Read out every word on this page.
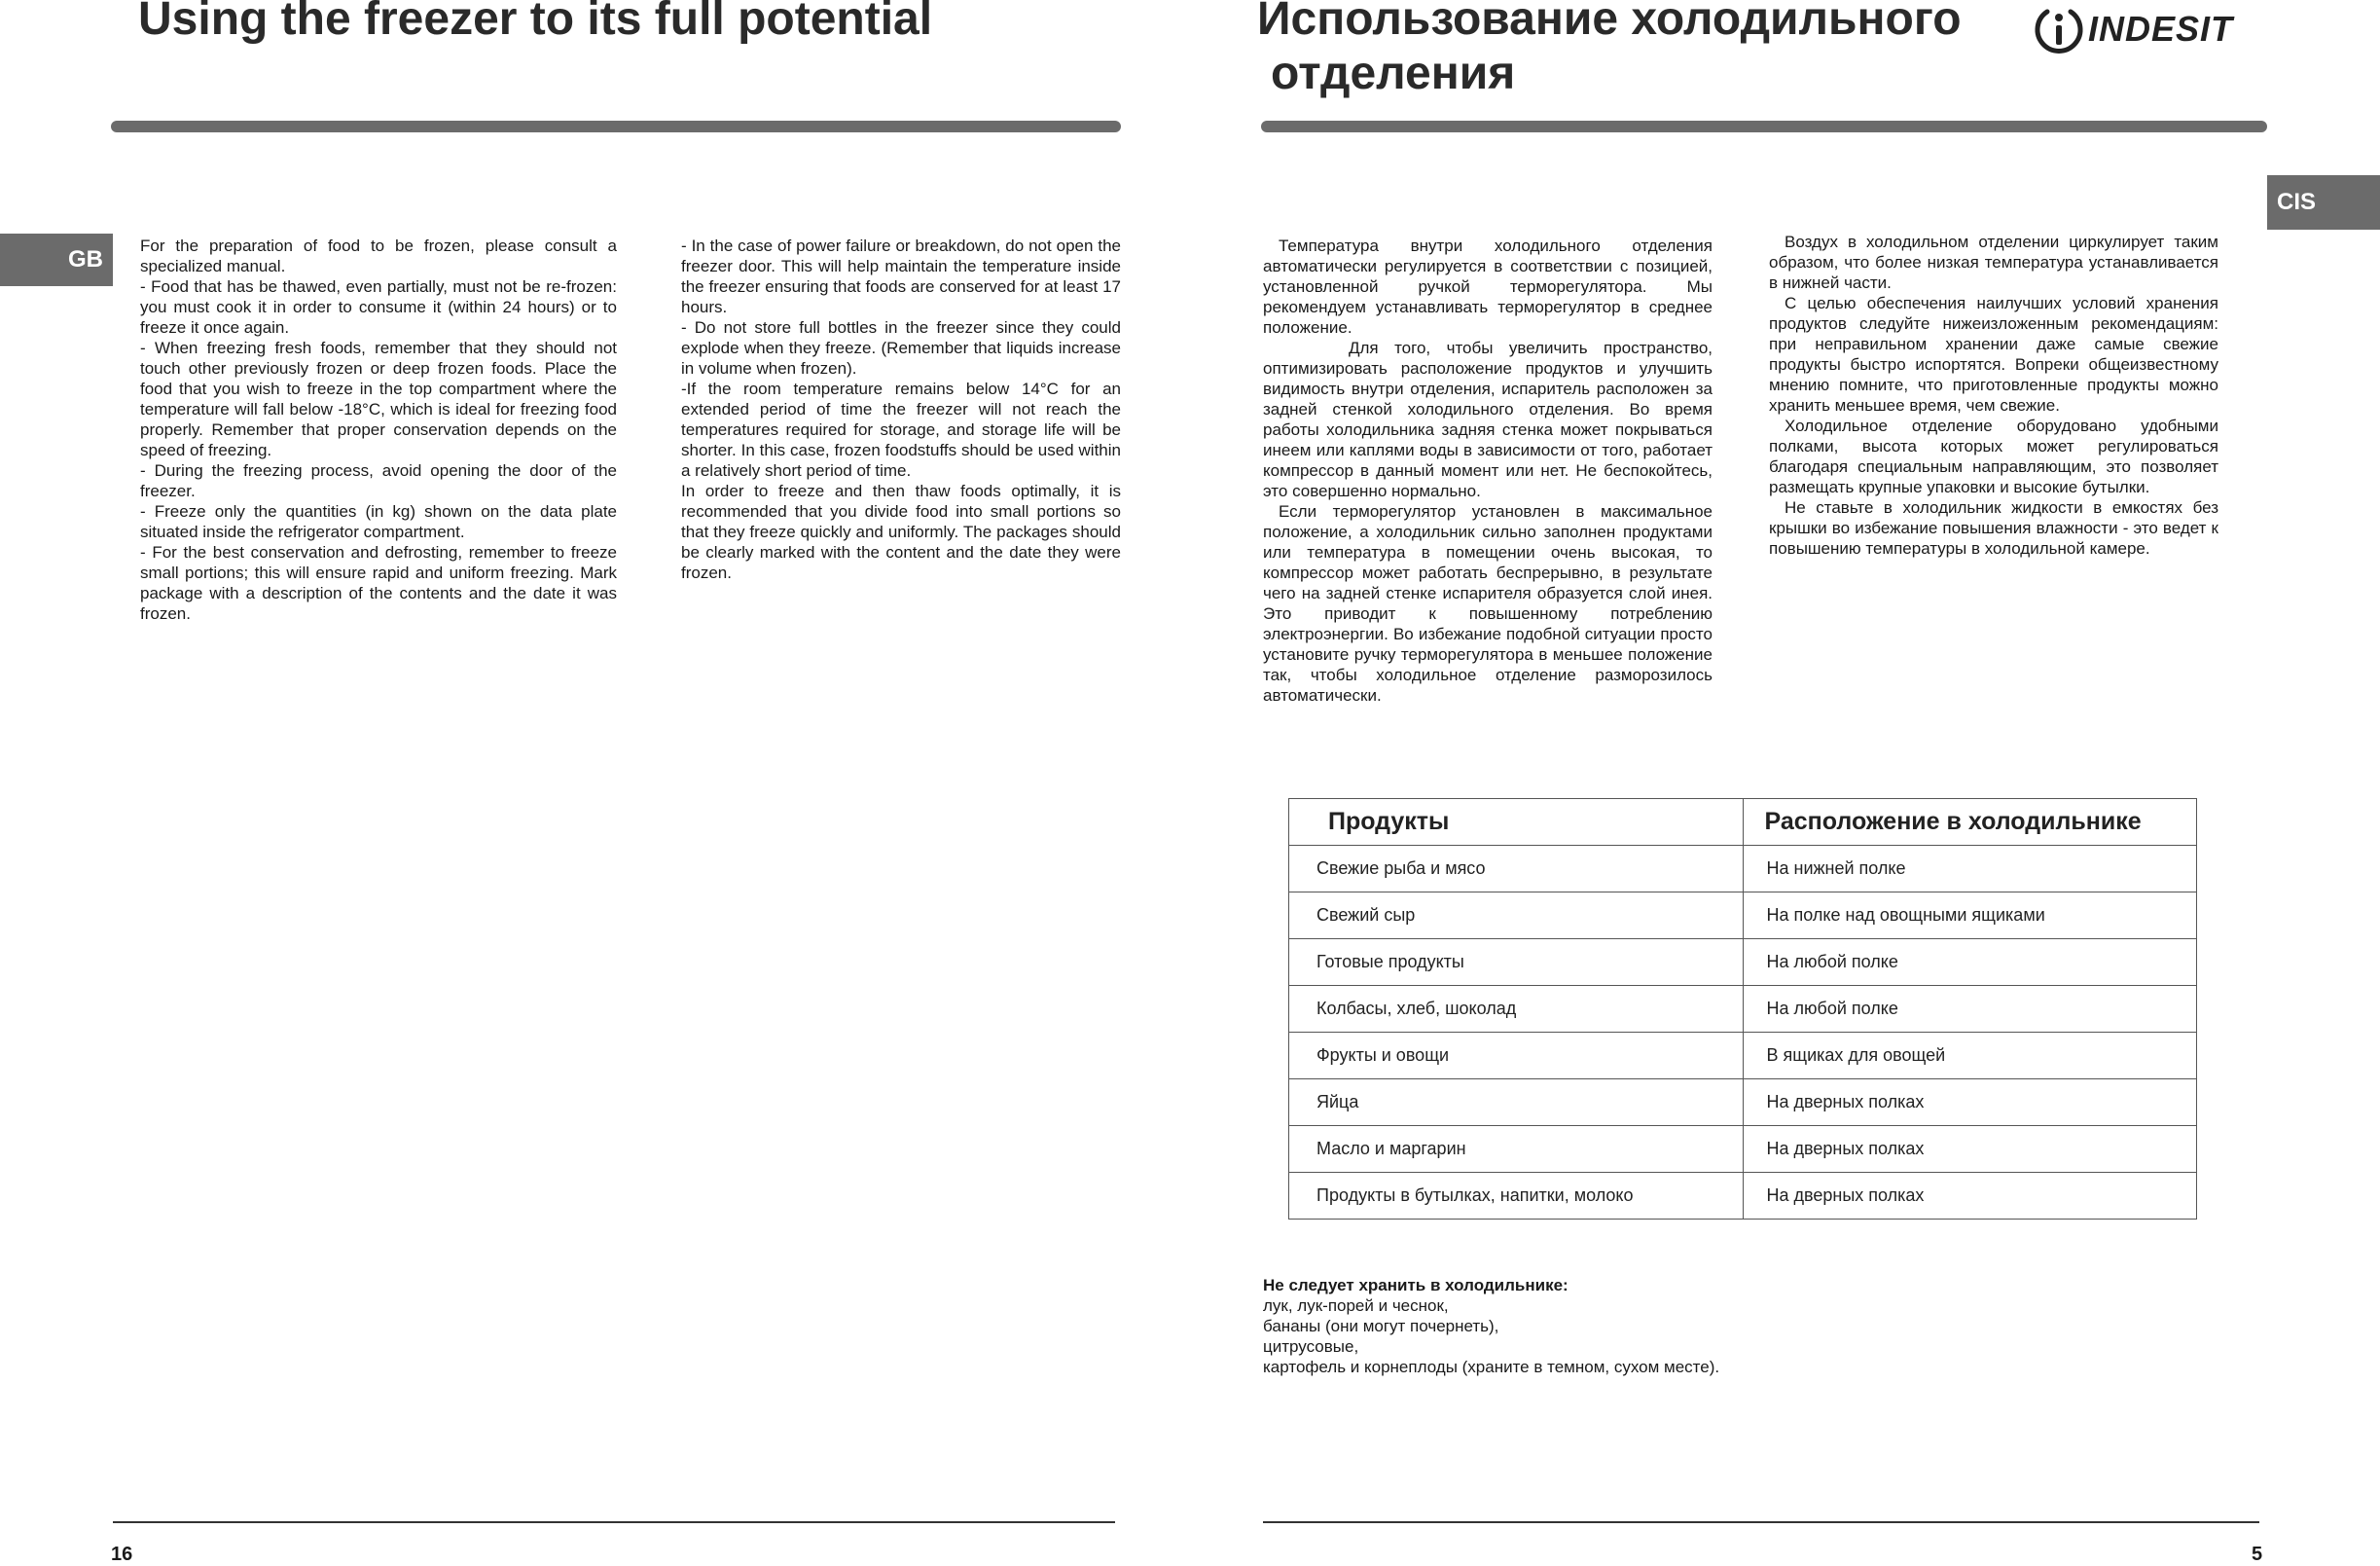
Using the freezer to its full potential
GB

For the preparation of food to be frozen, please consult a specialized manual.

- Food that has be thawed, even partially, must not be re-frozen: you must cook it in order to consume it (within 24 hours) or to freeze it once again.

- When freezing fresh foods, remember that they should not touch other previously frozen or deep frozen foods. Place the food that you wish to freeze in the top compartment where the temperature will fall below -18°C, which is ideal for freezing food properly. Remember that proper conservation depends on the speed of freezing.

- During the freezing process, avoid opening the door of the freezer.

- Freeze only the quantities (in kg) shown on the data plate situated inside the refrigerator compartment.

- For the best conservation and defrosting, remember to freeze small portions; this will ensure rapid and uniform freezing. Mark package with a description of the contents and the date it was frozen.

- In the case of power failure or breakdown, do not open the freezer door. This will help maintain the temperature inside the freezer ensuring that foods are conserved for at least 17 hours.

- Do not store full bottles in the freezer since they could explode when they freeze. (Remember that liquids increase in volume when frozen).

-If the room temperature remains below 14°C for an extended period of time the freezer will not reach the temperatures required for storage, and storage life will be shorter. In this case, frozen foodstuffs should be used within a relatively short period of time.

In order to freeze and then thaw foods optimally, it is recommended that you divide food into small portions so that they freeze quickly and uniformly. The packages should be clearly marked with the content and the date they were frozen.

16
Использование холодильного
отделения
INDESIT
CIS

Температура внутри холодильного отделения автоматически регулируется в соответствии с позицией, установленной ручкой терморегулятора. Мы рекомендуем устанавливать терморегулятор в среднее положение.

Для того, чтобы увеличить пространство, оптимизировать расположение продуктов и улучшить видимость внутри отделения, испаритель расположен за задней стенкой холодильного отделения. Во время работы холодильника задняя стенка может покрываться инеем или каплями воды в зависимости от того, работает компрессор в данный момент или нет. Не беспокойтесь, это совершенно нормально.

Если терморегулятор установлен в максимальное положение, а холодильник сильно заполнен продуктами или температура в помещении очень высокая, то компрессор может работать беспрерывно, в результате чего на задней стенке испарителя образуется слой инея. Это приводит к повышенному потреблению электроэнергии. Во избежание подобной ситуации просто установите ручку терморегулятора в меньшее положение так, чтобы холодильное отделение разморозилось автоматически.

Воздух в холодильном отделении циркулирует таким образом, что более низкая температура устанавливается в нижней части.

С целью обеспечения наилучших условий хранения продуктов следуйте нижеизложенным рекомендациям: при неправильном хранении даже самые свежие продукты быстро испортятся. Вопреки общеизвестному мнению помните, что приготовленные продукты можно хранить меньшее время, чем свежие.

Холодильное отделение оборудовано удобными полками, высота которых может регулироваться благодаря специальным направляющим, это позволяет размещать крупные упаковки и высокие бутылки.

Не ставьте в холодильник жидкости в емкостях без крышки во избежание повышения влажности - это ведет к повышению температуры в холодильной камере.

Продукты	Расположение в холодильнике
Свежие рыба и мясо	На нижней полке
Свежий сыр	На полке над овощными ящиками
Готовые продукты	На любой полке
Колбасы, хлеб, шоколад	На любой полке
Фрукты и овощи	В ящиках для овощей
Яйца	На дверных полках
Масло и маргарин	На дверных полках
Продукты в бутылках, напитки, молоко	На дверных полках
Не следует хранить в холодильнике:
лук, лук-порей и чеснок,
бананы (они могут почернеть),
цитрусовые,
картофель и корнеплоды (храните в темном, сухом месте).
5
